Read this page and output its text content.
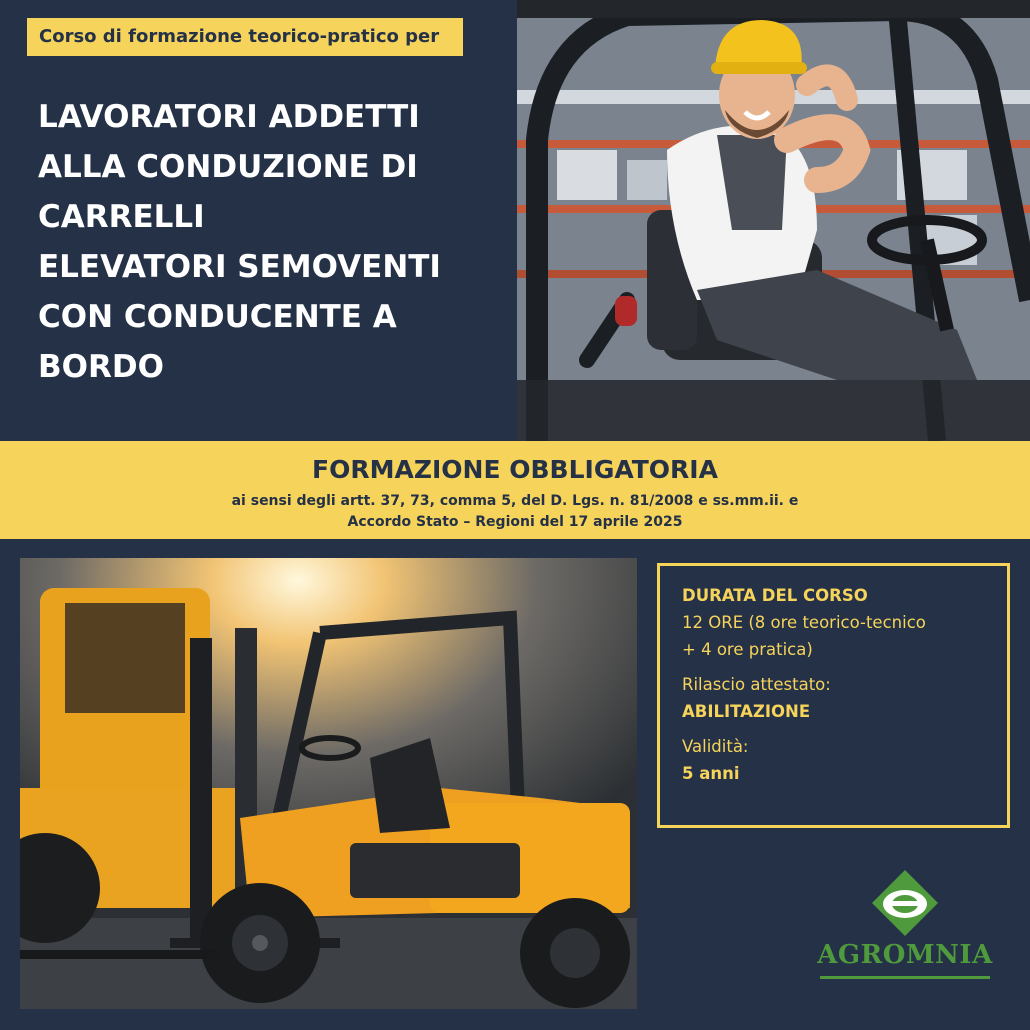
Corso di formazione teorico-pratico per
LAVORATORI ADDETTI
ALLA CONDUZIONE DI
CARRELLI
ELEVATORI SEMOVENTI
CON CONDUCENTE A
BORDO
FORMAZIONE OBBLIGATORIA
ai sensi degli artt. 37, 73, comma 5, del D. Lgs. n. 81/2008 e ss.mm.ii. e
Accordo Stato – Regioni del 17 aprile 2025
DURATA DEL CORSO
12 ORE (8 ore teorico-tecnico
+ 4 ore pratica)
Rilascio attestato:
ABILITAZIONE
Validità:
5 anni
AGROMNIA
